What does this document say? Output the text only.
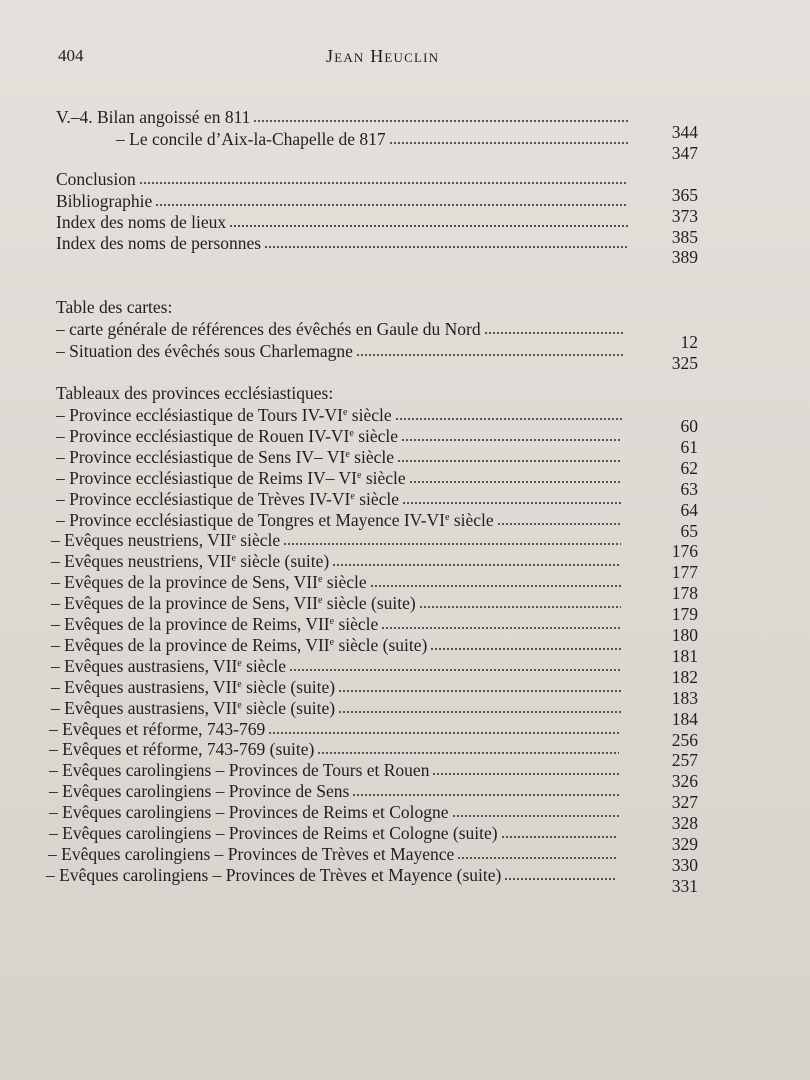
404	Jean Heuclin
V.–4. Bilan angoissé en 811
344
– Le concile d’Aix-la-Chapelle de 817
347
Conclusion
365
Bibliographie
373
Index des noms de lieux
385
Index des noms de personnes
389
Table des cartes:
– carte générale de références des évêchés en Gaule du Nord
12
– Situation des évêchés sous Charlemagne
325
Tableaux des provinces ecclésiastiques:
– Province ecclésiastique de Tours IV-VIe siècle
60
– Province ecclésiastique de Rouen IV-VIe siècle
61
– Province ecclésiastique de Sens IV– VIe siècle
62
– Province ecclésiastique de Reims IV– VIe siècle
63
– Province ecclésiastique de Trèves IV-VIe siècle
64
– Province ecclésiastique de Tongres et Mayence IV-VIe siècle
65
– Evêques neustriens, VIIe siècle
176
– Evêques neustriens, VIIe siècle (suite)
177
– Evêques de la province de Sens, VIIe siècle
178
– Evêques de la province de Sens, VIIe siècle (suite)
179
– Evêques de la province de Reims, VIIe siècle
180
– Evêques de la province de Reims, VIIe siècle (suite)
181
– Evêques austrasiens, VIIe siècle
182
– Evêques austrasiens, VIIe siècle (suite)
183
– Evêques austrasiens, VIIe siècle (suite)
184
– Evêques et réforme, 743-769
256
– Evêques et réforme, 743-769 (suite)
257
– Evêques carolingiens – Provinces de Tours et Rouen
326
– Evêques carolingiens – Province de Sens
327
– Evêques carolingiens – Provinces de Reims et Cologne
328
– Evêques carolingiens – Provinces de Reims et Cologne (suite)
329
– Evêques carolingiens – Provinces de Trèves et Mayence
330
– Evêques carolingiens – Provinces de Trèves et Mayence (suite)
331
